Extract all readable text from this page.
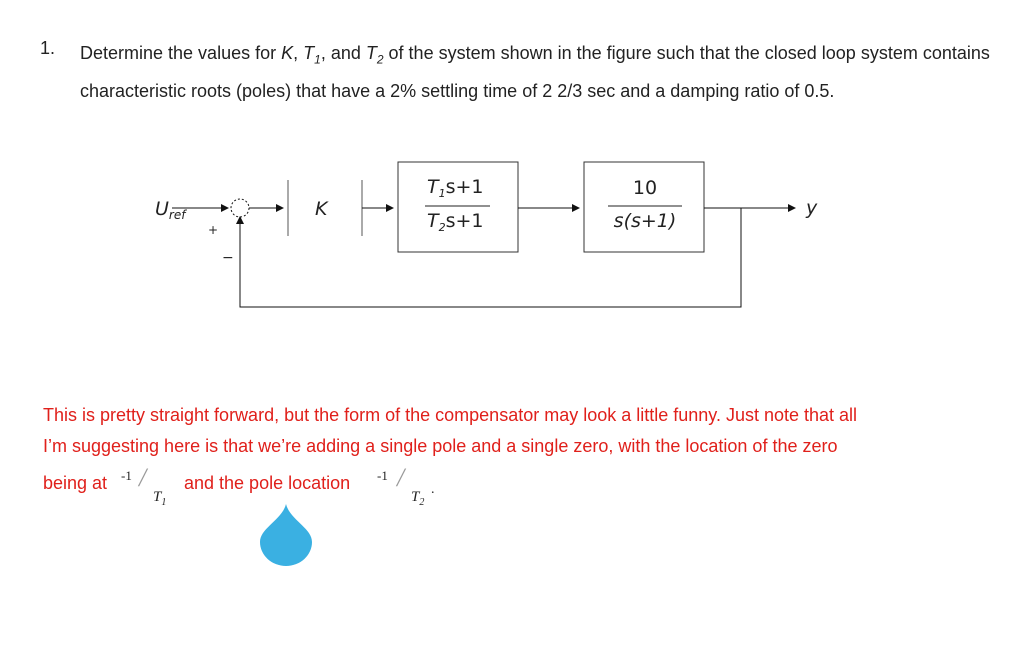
1. Determine the values for K, $T_1$, and $T_2$ of the system shown in the figure such that the closed loop system contains characteristic roots (poles) that have a 2% settling time of 2 2/3 sec and a damping ratio of 0.5.
$U_{ref}$	y
K
$T_1s+1$
$T_2s+1$
10
s(s+1)
+
−
This is pretty straight forward, but the form of the compensator may look a little funny. Just note that all
I’m suggesting here is that we’re adding a single pole and a single zero, with the location of the zero
being at -1 /
$T_1$
and the pole location -1 /
$T_2$
.
